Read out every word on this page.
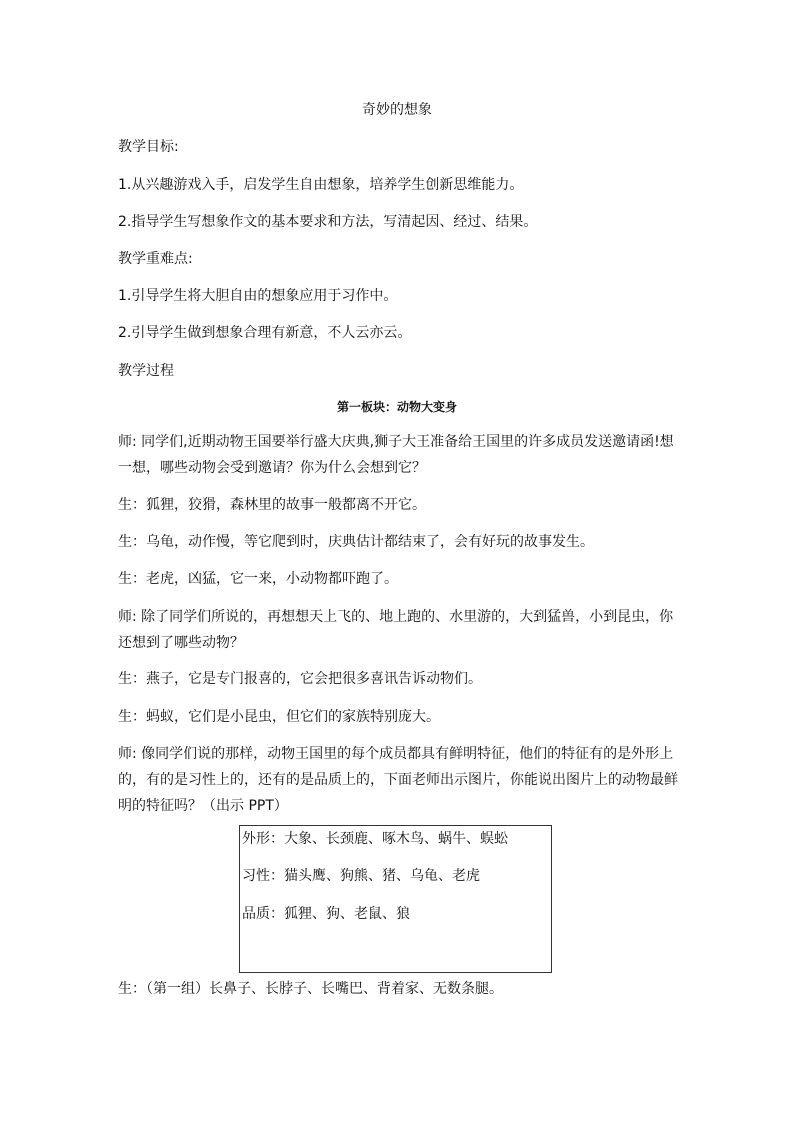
奇妙的想象
教学目标:
1.从兴趣游戏入手，启发学生自由想象，培养学生创新思维能力。
2.指导学生写想象作文的基本要求和方法，写清起因、经过、结果。
教学重难点:
1.引导学生将大胆自由的想象应用于习作中。
2.引导学生做到想象合理有新意，不人云亦云。
教学过程
第一板块：动物大变身
师: 同学们,近期动物王国要举行盛大庆典,狮子大王准备给王国里的许多成员发送邀请函!想一想，哪些动物会受到邀请？你为什么会想到它？
生：狐狸，狡猾，森林里的故事一般都离不开它。
生：乌龟，动作慢，等它爬到时，庆典估计都结束了，会有好玩的故事发生。
生：老虎，凶猛，它一来，小动物都吓跑了。
师: 除了同学们所说的，再想想天上飞的、地上跑的、水里游的，大到猛兽，小到昆虫，你还想到了哪些动物？
生：燕子，它是专门报喜的，它会把很多喜讯告诉动物们。
生：蚂蚁，它们是小昆虫，但它们的家族特别庞大。
师: 像同学们说的那样，动物王国里的每个成员都具有鲜明特征，他们的特征有的是外形上的，有的是习性上的，还有的是品质上的，下面老师出示图片，你能说出图片上的动物最鲜明的特征吗？（出示 PPT）
外形：大象、长颈鹿、啄木鸟、蜗牛、蜈蚣
习性：猫头鹰、狗熊、猪、乌龟、老虎
品质：狐狸、狗、老鼠、狼
生：（第一组）长鼻子、长脖子、长嘴巴、背着家、无数条腿。
